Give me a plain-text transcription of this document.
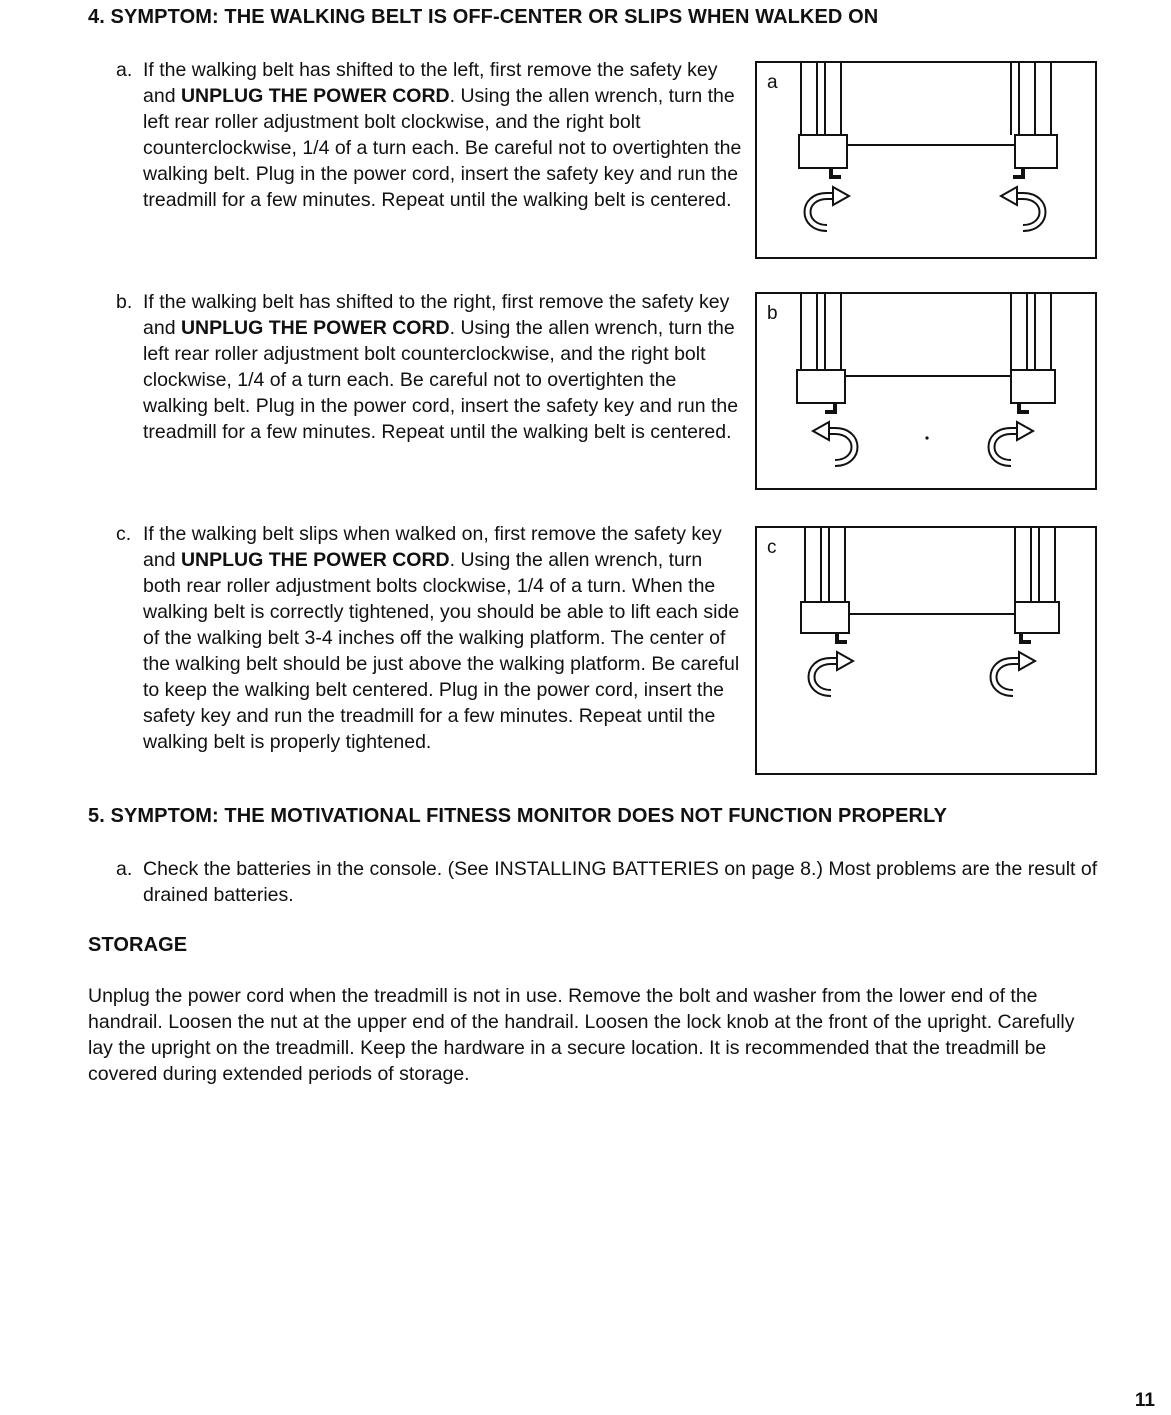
4. SYMPTOM: THE WALKING BELT IS OFF-CENTER OR SLIPS WHEN WALKED ON

a. If the walking belt has shifted to the left, first remove the safety key and UNPLUG THE POWER CORD. Using the allen wrench, turn the left rear roller adjustment bolt clockwise, and the right bolt counterclockwise, 1/4 of a turn each. Be careful not to overtighten the walking belt. Plug in the power cord, insert the safety key and run the treadmill for a few minutes. Repeat until the walking belt is centered.

b. If the walking belt has shifted to the right, first remove the safety key and UNPLUG THE POWER CORD. Using the allen wrench, turn the left rear roller adjustment bolt counterclockwise, and the right bolt clockwise, 1/4 of a turn each. Be careful not to overtighten the walking belt. Plug in the power cord, insert the safety key and run the treadmill for a few minutes. Repeat until the walking belt is centered.

c. If the walking belt slips when walked on, first remove the safety key and UNPLUG THE POWER CORD. Using the allen wrench, turn both rear roller adjustment bolts clockwise, 1/4 of a turn. When the walking belt is correctly tightened, you should be able to lift each side of the walking belt 3-4 inches off the walking platform. The center of the walking belt should be just above the walking platform. Be careful to keep the walking belt centered. Plug in the power cord, insert the safety key and run the treadmill for a few minutes. Repeat until the walking belt is properly tightened.

a
b
c
5. SYMPTOM: THE MOTIVATIONAL FITNESS MONITOR DOES NOT FUNCTION PROPERLY

a. Check the batteries in the console. (See INSTALLING BATTERIES on page 8.) Most problems are the result of drained batteries.

STORAGE

Unplug the power cord when the treadmill is not in use. Remove the bolt and washer from the lower end of the handrail. Loosen the nut at the upper end of the handrail. Loosen the lock knob at the front of the upright. Carefully lay the upright on the treadmill. Keep the hardware in a secure location. It is recommended that the treadmill be covered during extended periods of storage.

11
